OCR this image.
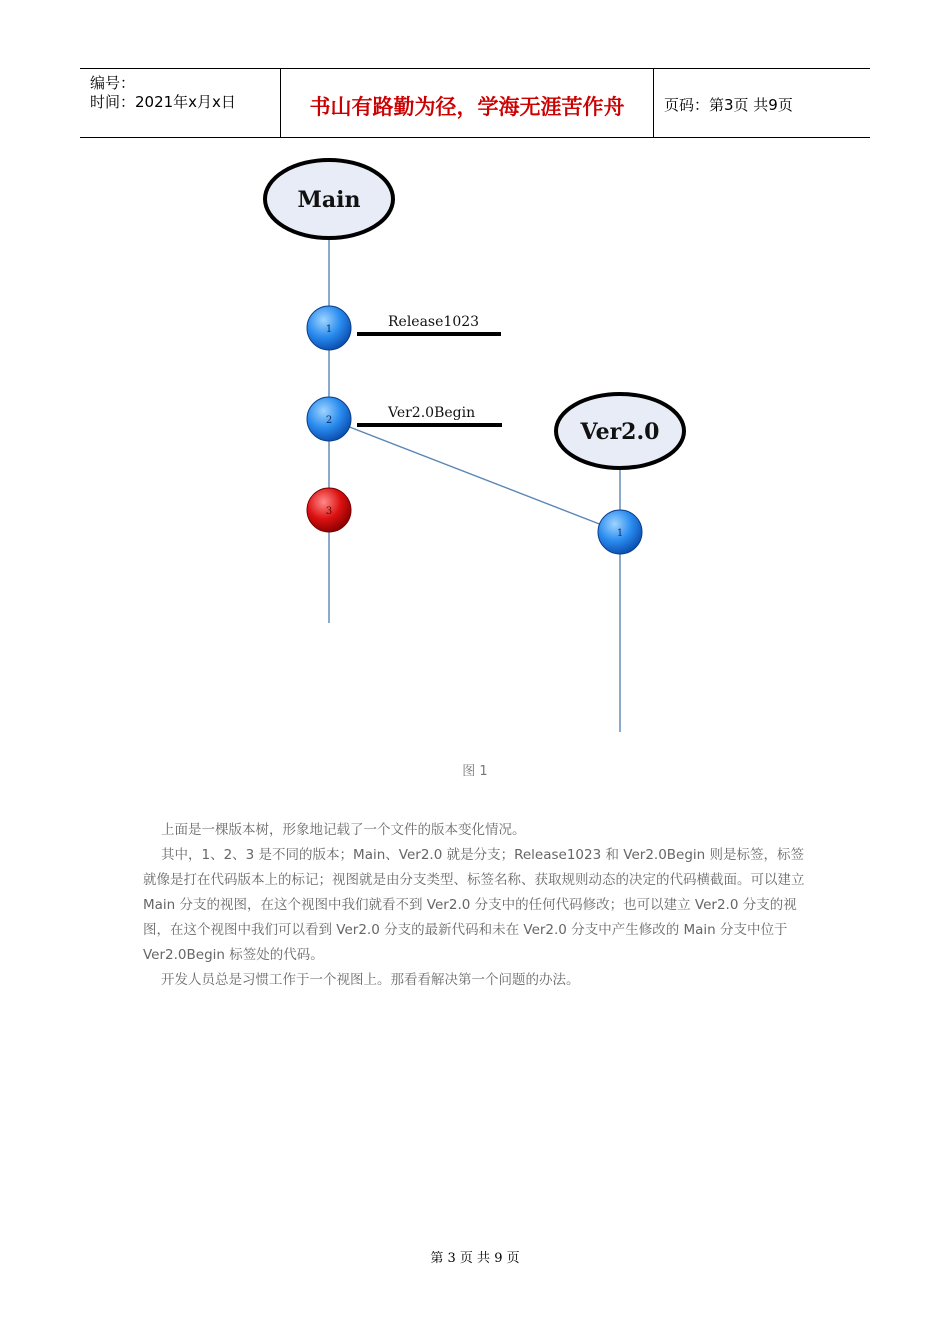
编号：
时间：2021年x月x日	书山有路勤为径，学海无涯苦作舟	页码：第3页 共9页
Main
Ver2.0
Release1023
Ver2.0Begin
1
2
3
1
图 1

上面是一棵版本树，形象地记载了一个文件的版本变化情况。

其中，1、2、3 是不同的版本；Main、Ver2.0 就是分支；Release1023 和 Ver2.0Begin 则是标签，标签就像是打在代码版本上的标记；视图就是由分支类型、标签名称、获取规则动态的决定的代码横截面。可以建立 Main 分支的视图，在这个视图中我们就看不到 Ver2.0 分支中的任何代码修改；也可以建立 Ver2.0 分支的视图，在这个视图中我们可以看到 Ver2.0 分支的最新代码和未在 Ver2.0 分支中产生修改的 Main 分支中位于 Ver2.0Begin 标签处的代码。

开发人员总是习惯工作于一个视图上。那看看解决第一个问题的办法。

第 3 页 共 9 页
